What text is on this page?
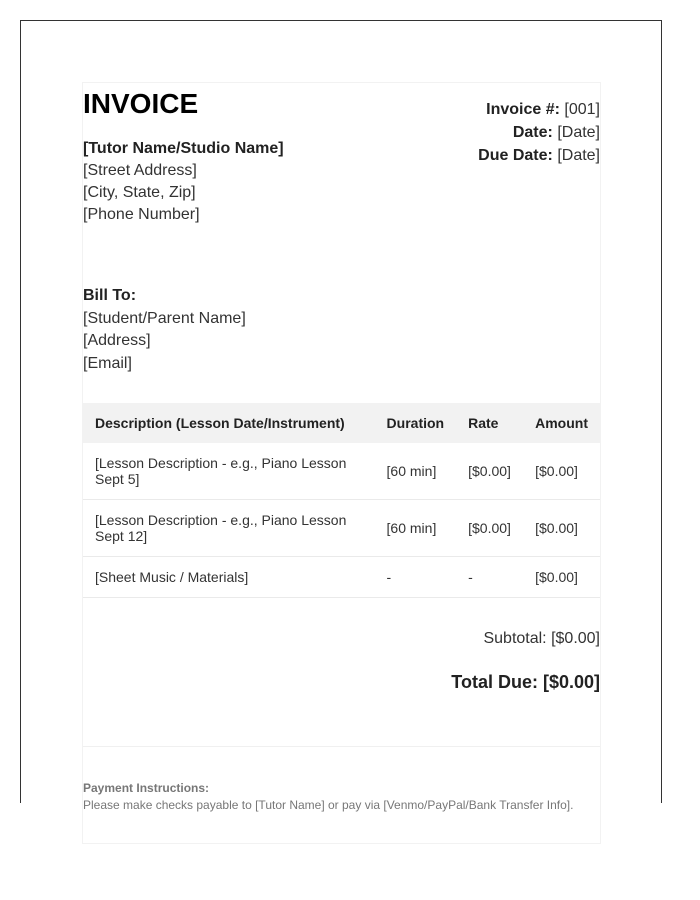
INVOICE
[Tutor Name/Studio Name]
[Street Address]
[City, State, Zip]
[Phone Number]
Invoice #: [001]
Date: [Date]
Due Date: [Date]
Bill To:
[Student/Parent Name]
[Address]
[Email]
Description (Lesson Date/Instrument)	Duration	Rate	Amount
[Lesson Description - e.g., Piano Lesson Sept 5]	[60 min]	[$0.00]	[$0.00]
[Lesson Description - e.g., Piano Lesson Sept 12]	[60 min]	[$0.00]	[$0.00]
[Sheet Music / Materials]	-	-	[$0.00]
Subtotal: [$0.00]
Total Due: [$0.00]
Payment Instructions:
Please make checks payable to [Tutor Name] or pay via [Venmo/PayPal/Bank Transfer Info].
